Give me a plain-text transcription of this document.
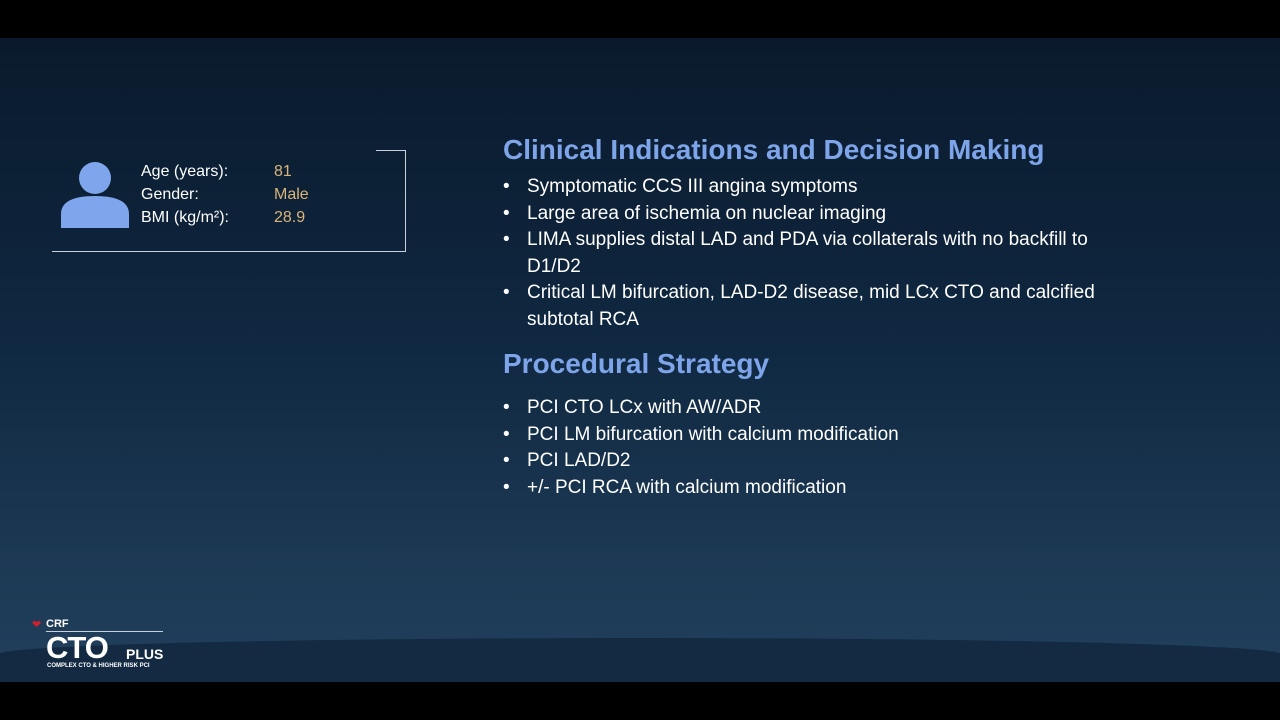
Age (years):	81
Gender:	Male
BMI (kg/m²):	28.9
Clinical Indications and Decision Making
• Symptomatic CCS III angina symptoms
• Large area of ischemia on nuclear imaging
• LIMA supplies distal LAD and PDA via collaterals with no backfill to D1/D2
• Critical LM bifurcation, LAD-D2 disease, mid LCx CTO and calcified subtotal RCA
Procedural Strategy
• PCI CTO LCx with AW/ADR
• PCI LM bifurcation with calcium modification
• PCI LAD/D2
• +/- PCI RCA with calcium modification
❤ CRF
CTO PLUS
COMPLEX CTO & HIGHER RISK PCI
